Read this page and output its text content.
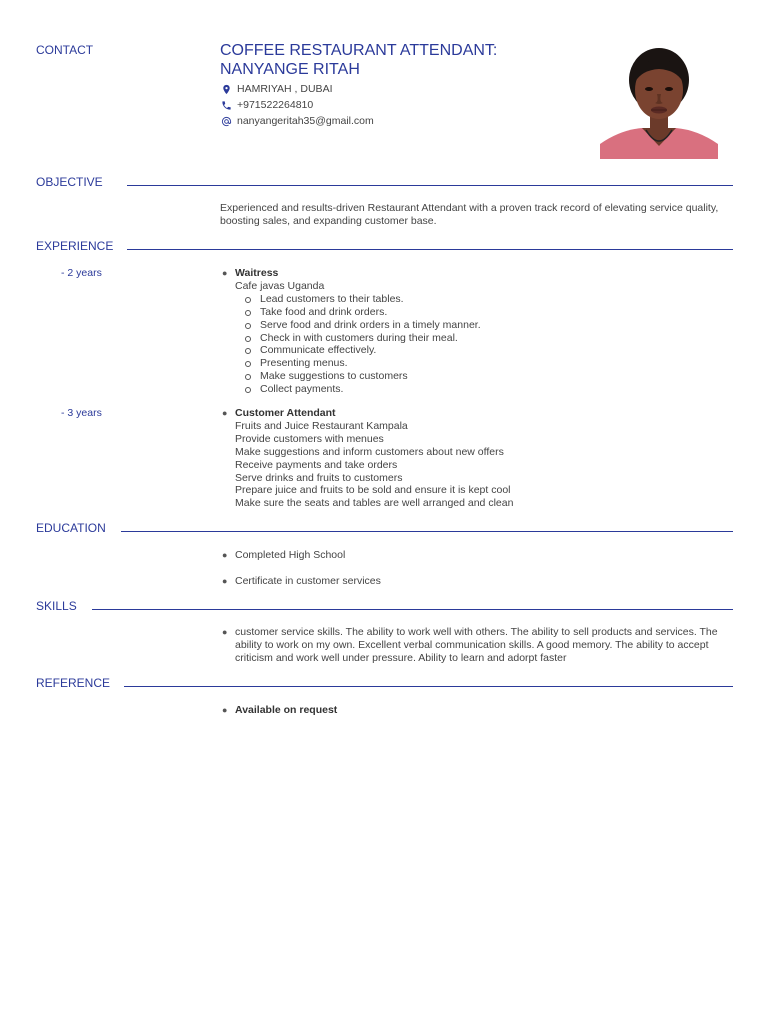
CONTACT	COFFEE RESTAURANT ATTENDANT:
NANYANGE RITAH
HAMRIYAH , DUBAI
+971522264810
nanyangeritah35@gmail.com
OBJECTIVE
Experienced and results-driven Restaurant Attendant with a proven track record of elevating service quality, boosting sales, and expanding customer base.
EXPERIENCE
- 2 years	● Waitress
Cafe javas Uganda
Lead customers to their tables.
Take food and drink orders.
Serve food and drink orders in a timely manner.
Check in with customers during their meal.
Communicate effectively.
Presenting menus.
Make suggestions to customers
Collect payments.
- 3 years	● Customer Attendant
Fruits and Juice Restaurant Kampala
Provide customers with menues
Make suggestions and inform customers about new offers
Receive payments and take orders
Serve drinks and fruits to customers
Prepare juice and fruits to be sold and ensure it is kept cool
Make sure the seats and tables are well arranged and clean
EDUCATION
● Completed High School
● Certificate in customer services
SKILLS
● customer service skills. The ability to work well with others. The ability to sell products and services. The ability to work on my own. Excellent verbal communication skills. A good memory. The ability to accept criticism and work well under pressure. Ability to learn and adorpt faster
REFERENCE
● Available on request
